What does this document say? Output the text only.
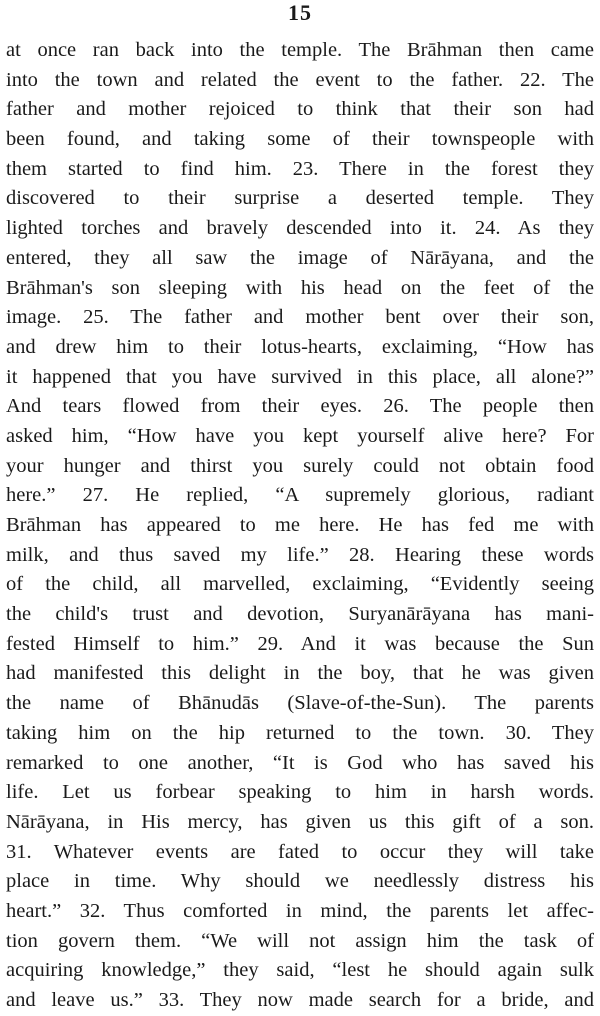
15
at once ran back into the temple. The Brāhman then came
into the town and related the event to the father. 22. The
father and mother rejoiced to think that their son had
been found, and taking some of their townspeople with
them started to find him. 23. There in the forest they
discovered to their surprise a deserted temple. They
lighted torches and bravely descended into it. 24. As they
entered, they all saw the image of Nārāyana, and the
Brāhman's son sleeping with his head on the feet of the
image. 25. The father and mother bent over their son,
and drew him to their lotus-hearts, exclaiming, “How has
it happened that you have survived in this place, all alone?”
And tears flowed from their eyes. 26. The people then
asked him, “How have you kept yourself alive here? For
your hunger and thirst you surely could not obtain food
here.” 27. He replied, “A supremely glorious, radiant
Brāhman has appeared to me here. He has fed me with
milk, and thus saved my life.” 28. Hearing these words
of the child, all marvelled, exclaiming, “Evidently seeing
the child's trust and devotion, Suryanārāyana has mani-
fested Himself to him.” 29. And it was because the Sun
had manifested this delight in the boy, that he was given
the name of Bhānudās (Slave-of-the-Sun). The parents
taking him on the hip returned to the town. 30. They
remarked to one another, “It is God who has saved his
life. Let us forbear speaking to him in harsh words.
Nārāyana, in His mercy, has given us this gift of a son.
31. Whatever events are fated to occur they will take
place in time. Why should we needlessly distress his
heart.” 32. Thus comforted in mind, the parents let affec-
tion govern them. “We will not assign him the task of
acquiring knowledge,” they said, “lest he should again sulk
and leave us.” 33. They now made search for a bride, and
